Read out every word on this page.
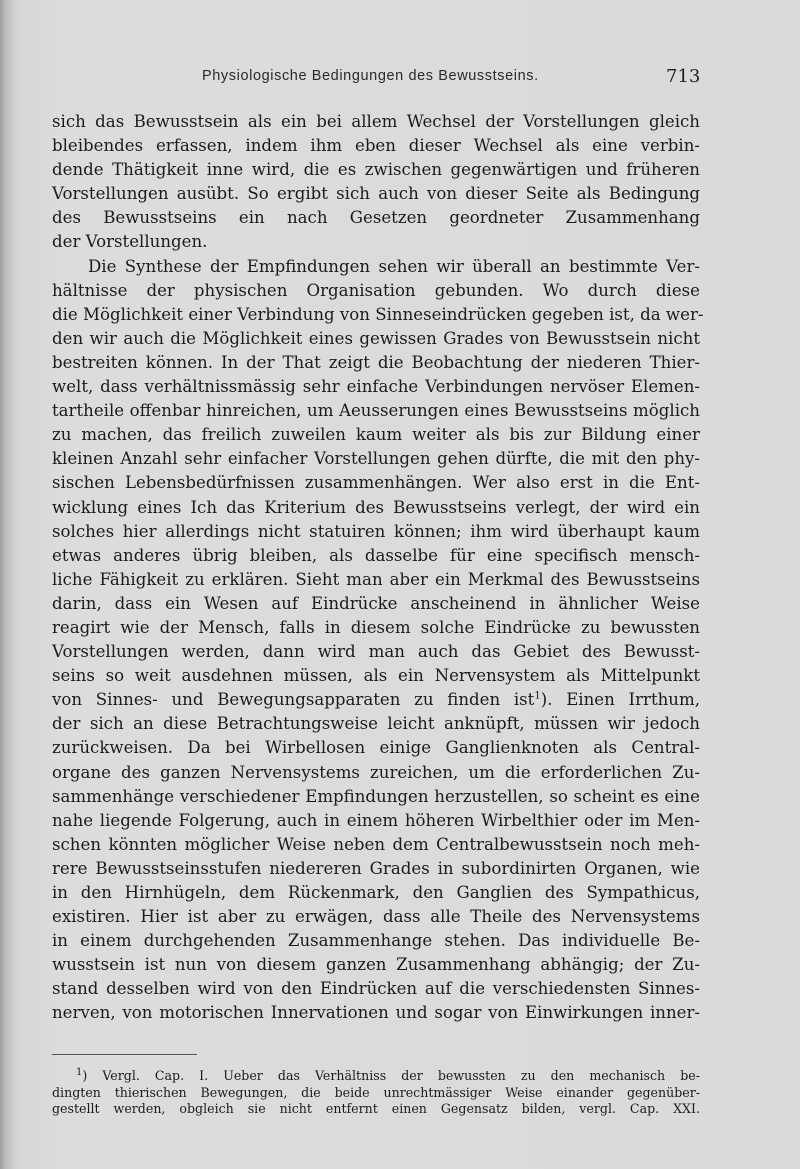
Physiologische Bedingungen des Bewusstseins.	713
sich das Bewusstsein als ein bei allem Wechsel der Vorstellungen gleich
bleibendes erfassen, indem ihm eben dieser Wechsel als eine verbin-
dende Thätigkeit inne wird, die es zwischen gegenwärtigen und früheren
Vorstellungen ausübt. So ergibt sich auch von dieser Seite als Bedingung
des Bewusstseins ein nach Gesetzen geordneter Zusammenhang
der Vorstellungen.
Die Synthese der Empfindungen sehen wir überall an bestimmte Ver-
hältnisse der physischen Organisation gebunden. Wo durch diese
die Möglichkeit einer Verbindung von Sinneseindrücken gegeben ist, da wer-
den wir auch die Möglichkeit eines gewissen Grades von Bewusstsein nicht
bestreiten können. In der That zeigt die Beobachtung der niederen Thier-
welt, dass verhältnissmässig sehr einfache Verbindungen nervöser Elemen-
tartheile offenbar hinreichen, um Aeusserungen eines Bewusstseins möglich
zu machen, das freilich zuweilen kaum weiter als bis zur Bildung einer
kleinen Anzahl sehr einfacher Vorstellungen gehen dürfte, die mit den phy-
sischen Lebensbedürfnissen zusammenhängen. Wer also erst in die Ent-
wicklung eines Ich das Kriterium des Bewusstseins verlegt, der wird ein
solches hier allerdings nicht statuiren können; ihm wird überhaupt kaum
etwas anderes übrig bleiben, als dasselbe für eine specifisch mensch-
liche Fähigkeit zu erklären. Sieht man aber ein Merkmal des Bewusstseins
darin, dass ein Wesen auf Eindrücke anscheinend in ähnlicher Weise
reagirt wie der Mensch, falls in diesem solche Eindrücke zu bewussten
Vorstellungen werden, dann wird man auch das Gebiet des Bewusst-
seins so weit ausdehnen müssen, als ein Nervensystem als Mittelpunkt
von Sinnes- und Bewegungsapparaten zu finden ist$^1$). Einen Irrthum,
der sich an diese Betrachtungsweise leicht anknüpft, müssen wir jedoch
zurückweisen. Da bei Wirbellosen einige Ganglienknoten als Central-
organe des ganzen Nervensystems zureichen, um die erforderlichen Zu-
sammenhänge verschiedener Empfindungen herzustellen, so scheint es eine
nahe liegende Folgerung, auch in einem höheren Wirbelthier oder im Men-
schen könnten möglicher Weise neben dem Centralbewusstsein noch meh-
rere Bewusstseinsstufen niedereren Grades in subordinirten Organen, wie
in den Hirnhügeln, dem Rückenmark, den Ganglien des Sympathicus,
existiren. Hier ist aber zu erwägen, dass alle Theile des Nervensystems
in einem durchgehenden Zusammenhange stehen. Das individuelle Be-
wusstsein ist nun von diesem ganzen Zusammenhang abhängig; der Zu-
stand desselben wird von den Eindrücken auf die verschiedensten Sinnes-
nerven, von motorischen Innervationen und sogar von Einwirkungen inner-
$^1$) Vergl. Cap. I. Ueber das Verhältniss der bewussten zu den mechanisch be-
dingten thierischen Bewegungen, die beide unrechtmässiger Weise einander gegenüber-
gestellt werden, obgleich sie nicht entfernt einen Gegensatz bilden, vergl. Cap. XXI.
